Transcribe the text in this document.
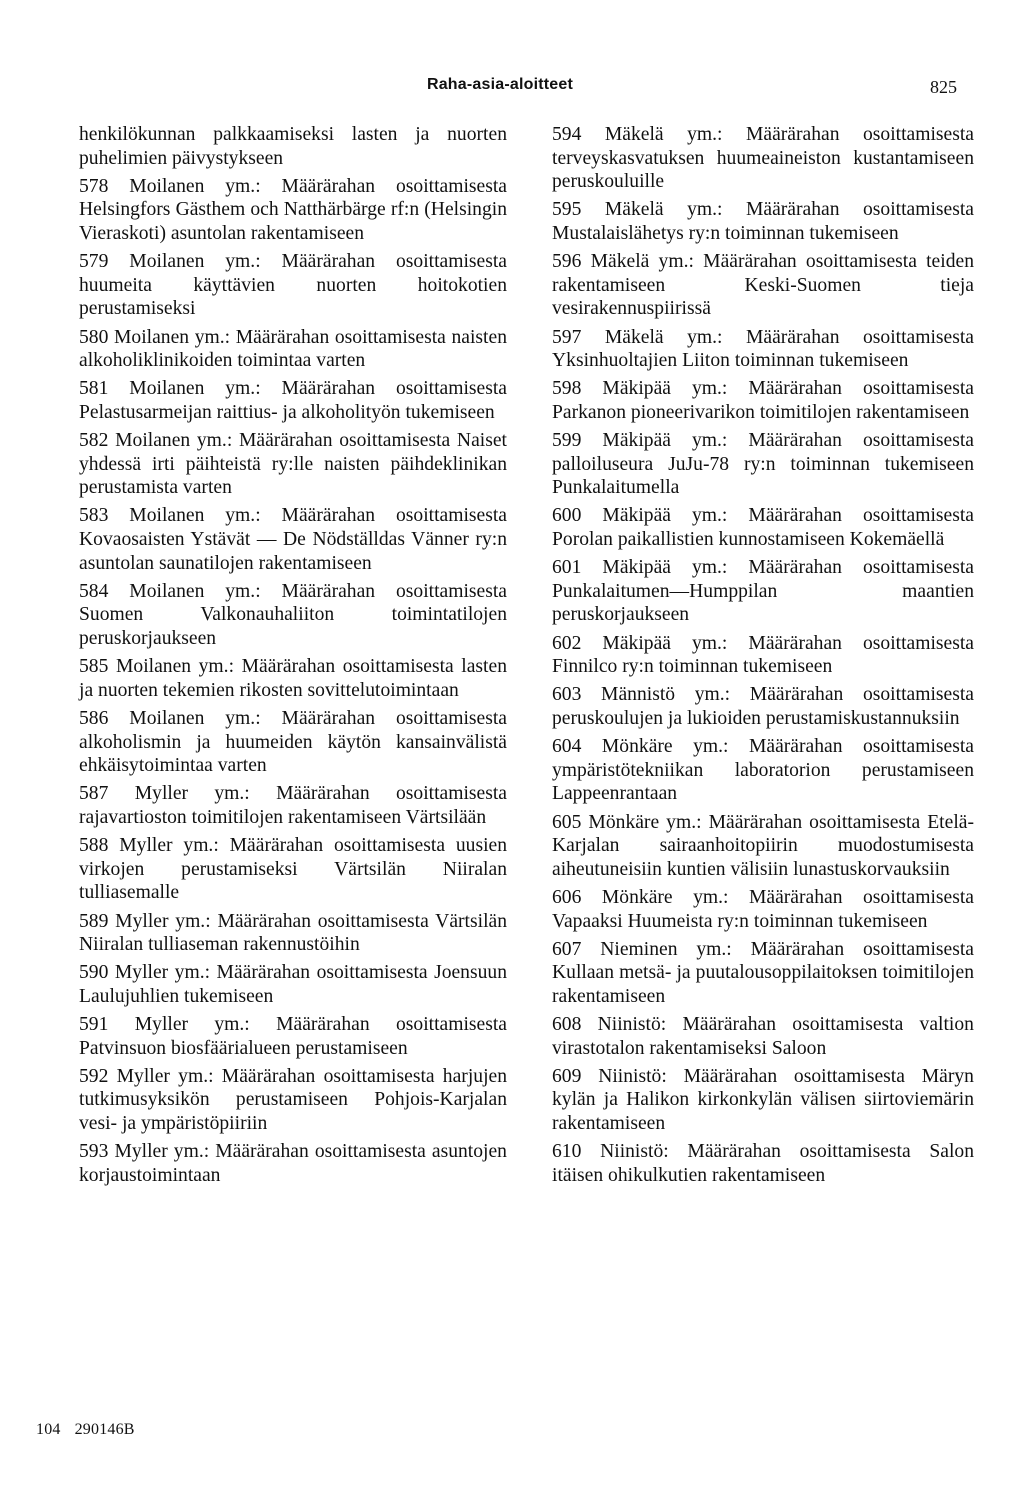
Raha-asia-aloitteet	825
henkilökunnan palkkaamiseksi lasten ja nuorten puhelimien päivystykseen

578 Moilanen ym.: Määrärahan osoittamisesta Helsingfors Gästhem och Natthärbärge rf:n (Helsingin Vieraskoti) asuntolan rakentamiseen

579 Moilanen ym.: Määrärahan osoittamisesta huumeita käyttävien nuorten hoitokotien perustamiseksi

580 Moilanen ym.: Määrärahan osoittamisesta naisten alkoholiklinikoiden toimintaa varten

581 Moilanen ym.: Määrärahan osoittamisesta Pelastusarmeijan raittius- ja alkoholityön tukemiseen

582 Moilanen ym.: Määrärahan osoittamisesta Naiset yhdessä irti päihteistä ry:lle naisten päihdeklinikan perustamista varten

583 Moilanen ym.: Määrärahan osoittamisesta Kovaosaisten Ystävät — De Nödställdas Vänner ry:n asuntolan saunatilojen rakentamiseen

584 Moilanen ym.: Määrärahan osoittamisesta Suomen Valkonauhaliiton toimintatilojen peruskorjaukseen

585 Moilanen ym.: Määrärahan osoittamisesta lasten ja nuorten tekemien rikosten sovittelutoimintaan

586 Moilanen ym.: Määrärahan osoittamisesta alkoholismin ja huumeiden käytön kansainvälistä ehkäisytoimintaa varten

587 Myller ym.: Määrärahan osoittamisesta rajavartioston toimitilojen rakentamiseen Värtsilään

588 Myller ym.: Määrärahan osoittamisesta uusien virkojen perustamiseksi Värtsilän Niiralan tulliasemalle

589 Myller ym.: Määrärahan osoittamisesta Värtsilän Niiralan tulliaseman rakennustöihin

590 Myller ym.: Määrärahan osoittamisesta Joensuun Laulujuhlien tukemiseen

591 Myller ym.: Määrärahan osoittamisesta Patvinsuon biosfäärialueen perustamiseen

592 Myller ym.: Määrärahan osoittamisesta harjujen tutkimusyksikön perustamiseen Pohjois-Karjalan vesi- ja ympäristöpiiriin

593 Myller ym.: Määrärahan osoittamisesta asuntojen korjaustoimintaan

594 Mäkelä ym.: Määrärahan osoittamisesta terveyskasvatuksen huumeaineiston kustantamiseen peruskouluille

595 Mäkelä ym.: Määrärahan osoittamisesta Mustalaislähetys ry:n toiminnan tukemiseen

596 Mäkelä ym.: Määrärahan osoittamisesta teiden rakentamiseen Keski-Suomen tieja vesirakennuspiirissä

597 Mäkelä ym.: Määrärahan osoittamisesta Yksinhuoltajien Liiton toiminnan tukemiseen

598 Mäkipää ym.: Määrärahan osoittamisesta Parkanon pioneerivarikon toimitilojen rakentamiseen

599 Mäkipää ym.: Määrärahan osoittamisesta palloiluseura JuJu-78 ry:n toiminnan tukemiseen Punkalaitumella

600 Mäkipää ym.: Määrärahan osoittamisesta Porolan paikallistien kunnostamiseen Kokemäellä

601 Mäkipää ym.: Määrärahan osoittamisesta Punkalaitumen—Humppilan maantien peruskorjaukseen

602 Mäkipää ym.: Määrärahan osoittamisesta Finnilco ry:n toiminnan tukemiseen

603 Männistö ym.: Määrärahan osoittamisesta peruskoulujen ja lukioiden perustamiskustannuksiin

604 Mönkäre ym.: Määrärahan osoittamisesta ympäristötekniikan laboratorion perustamiseen Lappeenrantaan

605 Mönkäre ym.: Määrärahan osoittamisesta Etelä-Karjalan sairaanhoitopiirin muodostumisesta aiheutuneisiin kuntien välisiin lunastuskorvauksiin

606 Mönkäre ym.: Määrärahan osoittamisesta Vapaaksi Huumeista ry:n toiminnan tukemiseen

607 Nieminen ym.: Määrärahan osoittamisesta Kullaan metsä- ja puutalousoppilaitoksen toimitilojen rakentamiseen

608 Niinistö: Määrärahan osoittamisesta valtion virastotalon rakentamiseksi Saloon

609 Niinistö: Määrärahan osoittamisesta Märyn kylän ja Halikon kirkonkylän välisen siirtoviemärin rakentamiseen

610 Niinistö: Määrärahan osoittamisesta Salon itäisen ohikulkutien rakentamiseen

104 290146B
